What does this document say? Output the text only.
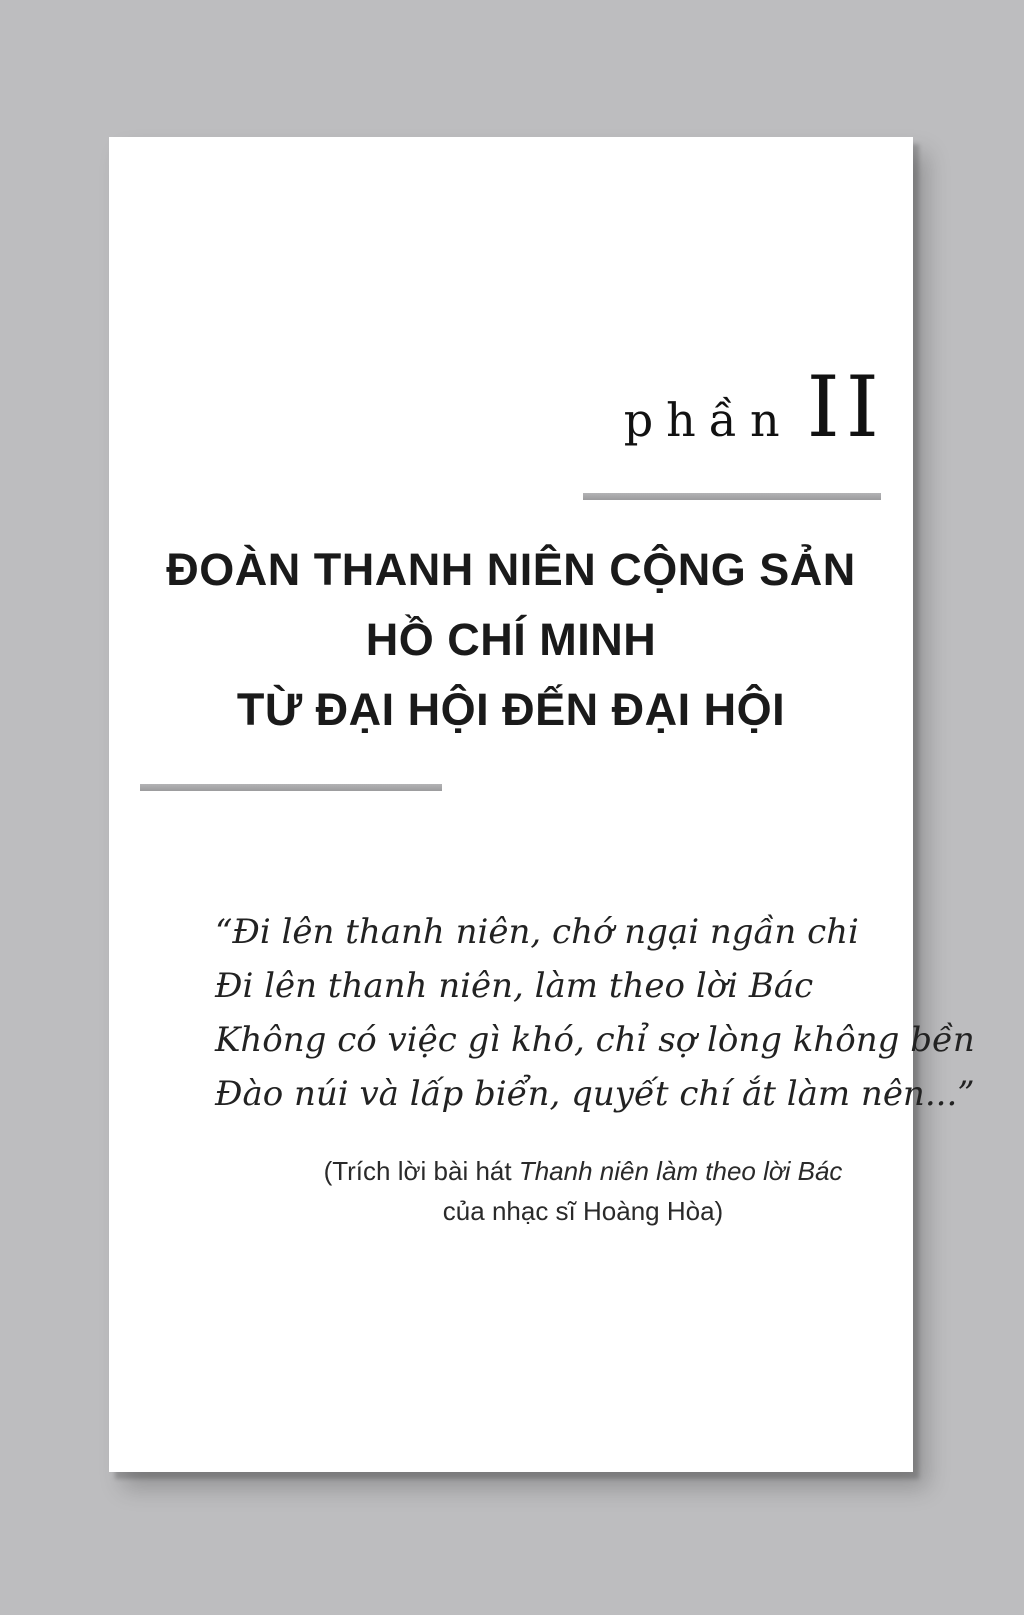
phần II
ĐOÀN THANH NIÊN CỘNG SẢN
HỒ CHÍ MINH
TỪ ĐẠI HỘI ĐẾN ĐẠI HỘI
“Đi lên thanh niên, chớ ngại ngần chi
Đi lên thanh niên, làm theo lời Bác
Không có việc gì khó, chỉ sợ lòng không bền
Đào núi và lấp biển, quyết chí ắt làm nên...”
(Trích lời bài hát Thanh niên làm theo lời Bác
của nhạc sĩ Hoàng Hòa)
